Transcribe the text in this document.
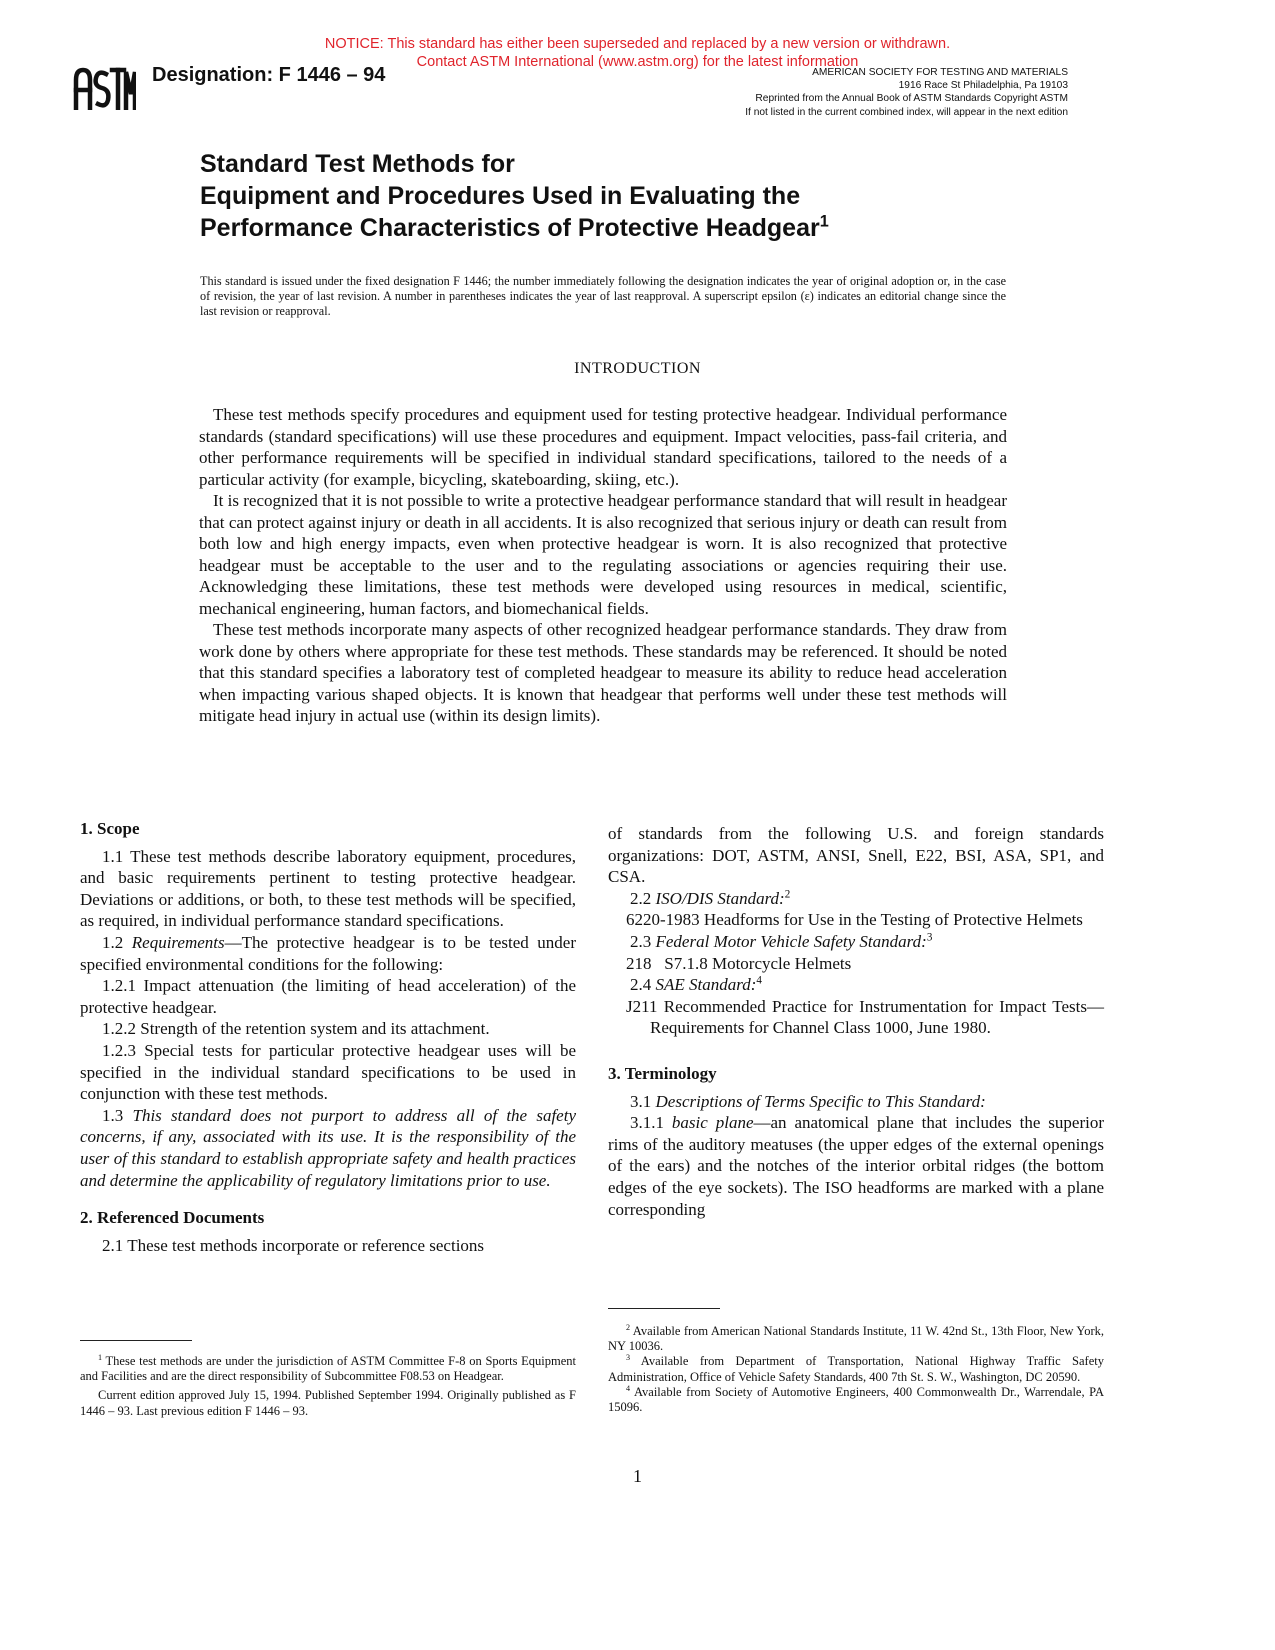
NOTICE: This standard has either been superseded and replaced by a new version or withdrawn.
Contact ASTM International (www.astm.org) for the latest information
Designation: F 1446 – 94	AMERICAN SOCIETY FOR TESTING AND MATERIALS
1916 Race St Philadelphia, Pa 19103
Reprinted from the Annual Book of ASTM Standards Copyright ASTM
If not listed in the current combined index, will appear in the next edition
Standard Test Methods for
Equipment and Procedures Used in Evaluating the
Performance Characteristics of Protective Headgear$^1$
This standard is issued under the fixed designation F 1446; the number immediately following the designation indicates the year of original adoption or, in the case of revision, the year of last revision. A number in parentheses indicates the year of last reapproval. A superscript epsilon (ε) indicates an editorial change since the last revision or reapproval.
INTRODUCTION

These test methods specify procedures and equipment used for testing protective headgear. Individual performance standards (standard specifications) will use these procedures and equipment. Impact velocities, pass-fail criteria, and other performance requirements will be specified in individual standard specifications, tailored to the needs of a particular activity (for example, bicycling, skateboarding, skiing, etc.).

It is recognized that it is not possible to write a protective headgear performance standard that will result in headgear that can protect against injury or death in all accidents. It is also recognized that serious injury or death can result from both low and high energy impacts, even when protective headgear is worn. It is also recognized that protective headgear must be acceptable to the user and to the regulating associations or agencies requiring their use. Acknowledging these limitations, these test methods were developed using resources in medical, scientific, mechanical engineering, human factors, and biomechanical fields.

These test methods incorporate many aspects of other recognized headgear performance standards. They draw from work done by others where appropriate for these test methods. These standards may be referenced. It should be noted that this standard specifies a laboratory test of completed headgear to measure its ability to reduce head acceleration when impacting various shaped objects. It is known that headgear that performs well under these test methods will mitigate head injury in actual use (within its design limits).

1. Scope

1.1 These test methods describe laboratory equipment, procedures, and basic requirements pertinent to testing protective headgear. Deviations or additions, or both, to these test methods will be specified, as required, in individual performance standard specifications.

1.2 Requirements—The protective headgear is to be tested under specified environmental conditions for the following:

1.2.1 Impact attenuation (the limiting of head acceleration) of the protective headgear.

1.2.2 Strength of the retention system and its attachment.

1.2.3 Special tests for particular protective headgear uses will be specified in the individual standard specifications to be used in conjunction with these test methods.

1.3 This standard does not purport to address all of the safety concerns, if any, associated with its use. It is the responsibility of the user of this standard to establish appropriate safety and health practices and determine the applicability of regulatory limitations prior to use.

2. Referenced Documents

2.1 These test methods incorporate or reference sections

of standards from the following U.S. and foreign standards organizations: DOT, ASTM, ANSI, Snell, E22, BSI, ASA, SP1, and CSA.

2.2 ISO/DIS Standard:$^2$

6220-1983 Headforms for Use in the Testing of Protective Helmets

2.3 Federal Motor Vehicle Safety Standard:$^3$

218   S7.1.8 Motorcycle Helmets

2.4 SAE Standard:$^4$

J211 Recommended Practice for Instrumentation for Impact Tests—Requirements for Channel Class 1000, June 1980.

3. Terminology

3.1 Descriptions of Terms Specific to This Standard:

3.1.1 basic plane—an anatomical plane that includes the superior rims of the auditory meatuses (the upper edges of the external openings of the ears) and the notches of the interior orbital ridges (the bottom edges of the eye sockets). The ISO headforms are marked with a plane corresponding

$^1$ These test methods are under the jurisdiction of ASTM Committee F-8 on Sports Equipment and Facilities and are the direct responsibility of Subcommittee F08.53 on Headgear.

Current edition approved July 15, 1994. Published September 1994. Originally published as F 1446 – 93. Last previous edition F 1446 – 93.

$^2$ Available from American National Standards Institute, 11 W. 42nd St., 13th Floor, New York, NY 10036.

$^3$ Available from Department of Transportation, National Highway Traffic Safety Administration, Office of Vehicle Safety Standards, 400 7th St. S. W., Washington, DC 20590.

$^4$ Available from Society of Automotive Engineers, 400 Commonwealth Dr., Warrendale, PA 15096.

1
